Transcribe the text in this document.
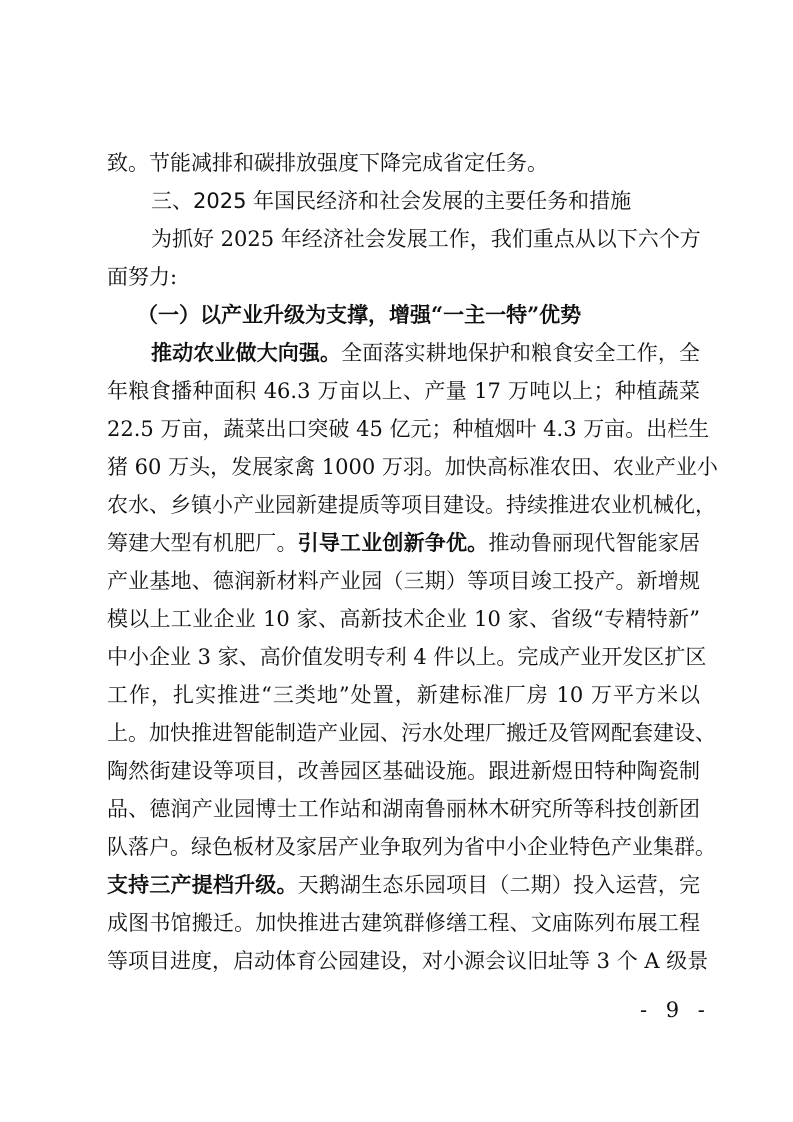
致。节能减排和碳排放强度下降完成省定任务。
三、2025 年国民经济和社会发展的主要任务和措施
为抓好 2025 年经济社会发展工作，我们重点从以下六个方
面努力:
（一）以产业升级为支撑，增强“一主一特”优势
推动农业做大向强。全面落实耕地保护和粮食安全工作，全
年粮食播种面积 46.3 万亩以上、产量 17 万吨以上；种植蔬菜
22.5 万亩，蔬菜出口突破 45 亿元；种植烟叶 4.3 万亩。出栏生
猪 60 万头，发展家禽 1000 万羽。加快高标准农田、农业产业小
农水、乡镇小产业园新建提质等项目建设。持续推进农业机械化，
筹建大型有机肥厂。引导工业创新争优。推动鲁丽现代智能家居
产业基地、德润新材料产业园（三期）等项目竣工投产。新增规
模以上工业企业 10 家、高新技术企业 10 家、省级“专精特新”
中小企业 3 家、高价值发明专利 4 件以上。完成产业开发区扩区
工作，扎实推进“三类地”处置，新建标准厂房 10 万平方米以
上。加快推进智能制造产业园、污水处理厂搬迁及管网配套建设、
陶然街建设等项目，改善园区基础设施。跟进新煜田特种陶瓷制
品、德润产业园博士工作站和湖南鲁丽林木研究所等科技创新团
队落户。绿色板材及家居产业争取列为省中小企业特色产业集群。
支持三产提档升级。天鹅湖生态乐园项目（二期）投入运营，完
成图书馆搬迁。加快推进古建筑群修缮工程、文庙陈列布展工程
等项目进度，启动体育公园建设，对小源会议旧址等 3 个 A 级景
- 9 -
